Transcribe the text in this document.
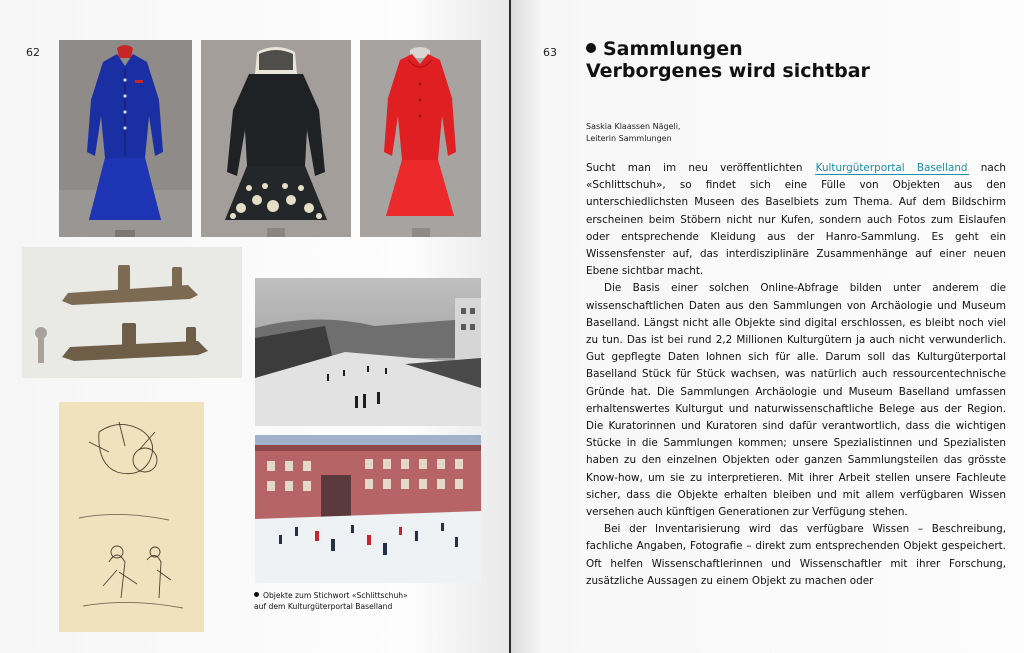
62
Objekte zum Stichwort «Schlittschuh»
auf dem Kulturgüterportal Baselland
63	Sammlungen
Verborgenes wird sichtbar
Saskia Klaassen Nägeli,
Leiterin Sammlungen

Sucht man im neu veröffentlichten Kulturgüterportal Baselland nach «Schlittschuh», so findet sich eine Fülle von Objekten aus den unterschiedlichsten Museen des Baselbiets zum Thema. Auf dem Bildschirm erscheinen beim Stöbern nicht nur Kufen, sondern auch Fotos zum Eislaufen oder entsprechende Kleidung aus der Hanro-Sammlung. Es geht ein Wissensfenster auf, das interdisziplinäre Zusammenhänge auf einer neuen Ebene sichtbar macht.

Die Basis einer solchen Online-Abfrage bilden unter anderem die wissenschaftlichen Daten aus den Sammlungen von Archäologie und Museum Baselland. Längst nicht alle Objekte sind digital erschlossen, es bleibt noch viel zu tun. Das ist bei rund 2,2 Millionen Kulturgütern ja auch nicht verwunderlich. Gut gepflegte Daten lohnen sich für alle. Darum soll das Kulturgüterportal Baselland Stück für Stück wachsen, was natürlich auch ressourcentechnische Gründe hat. Die Sammlungen Archäologie und Museum Baselland umfassen erhaltenswertes Kulturgut und naturwissenschaftliche Belege aus der Region. Die Kuratorinnen und Kuratoren sind dafür verantwortlich, dass die wichtigen Stücke in die Sammlungen kommen; unsere Spezialistinnen und Spezialisten haben zu den einzelnen Objekten oder ganzen Sammlungsteilen das grösste Know-how, um sie zu interpretieren. Mit ihrer Arbeit stellen unsere Fachleute sicher, dass die Objekte erhalten bleiben und mit allem verfügbaren Wissen versehen auch künftigen Generationen zur Verfügung stehen.

Bei der Inventarisierung wird das verfügbare Wissen – Beschreibung, fachliche Angaben, Fotografie – direkt zum entsprechenden Objekt gespeichert. Oft helfen Wissenschaftlerinnen und Wissenschaftler mit ihrer Forschung, zusätzliche Aussagen zu einem Objekt zu machen oder
